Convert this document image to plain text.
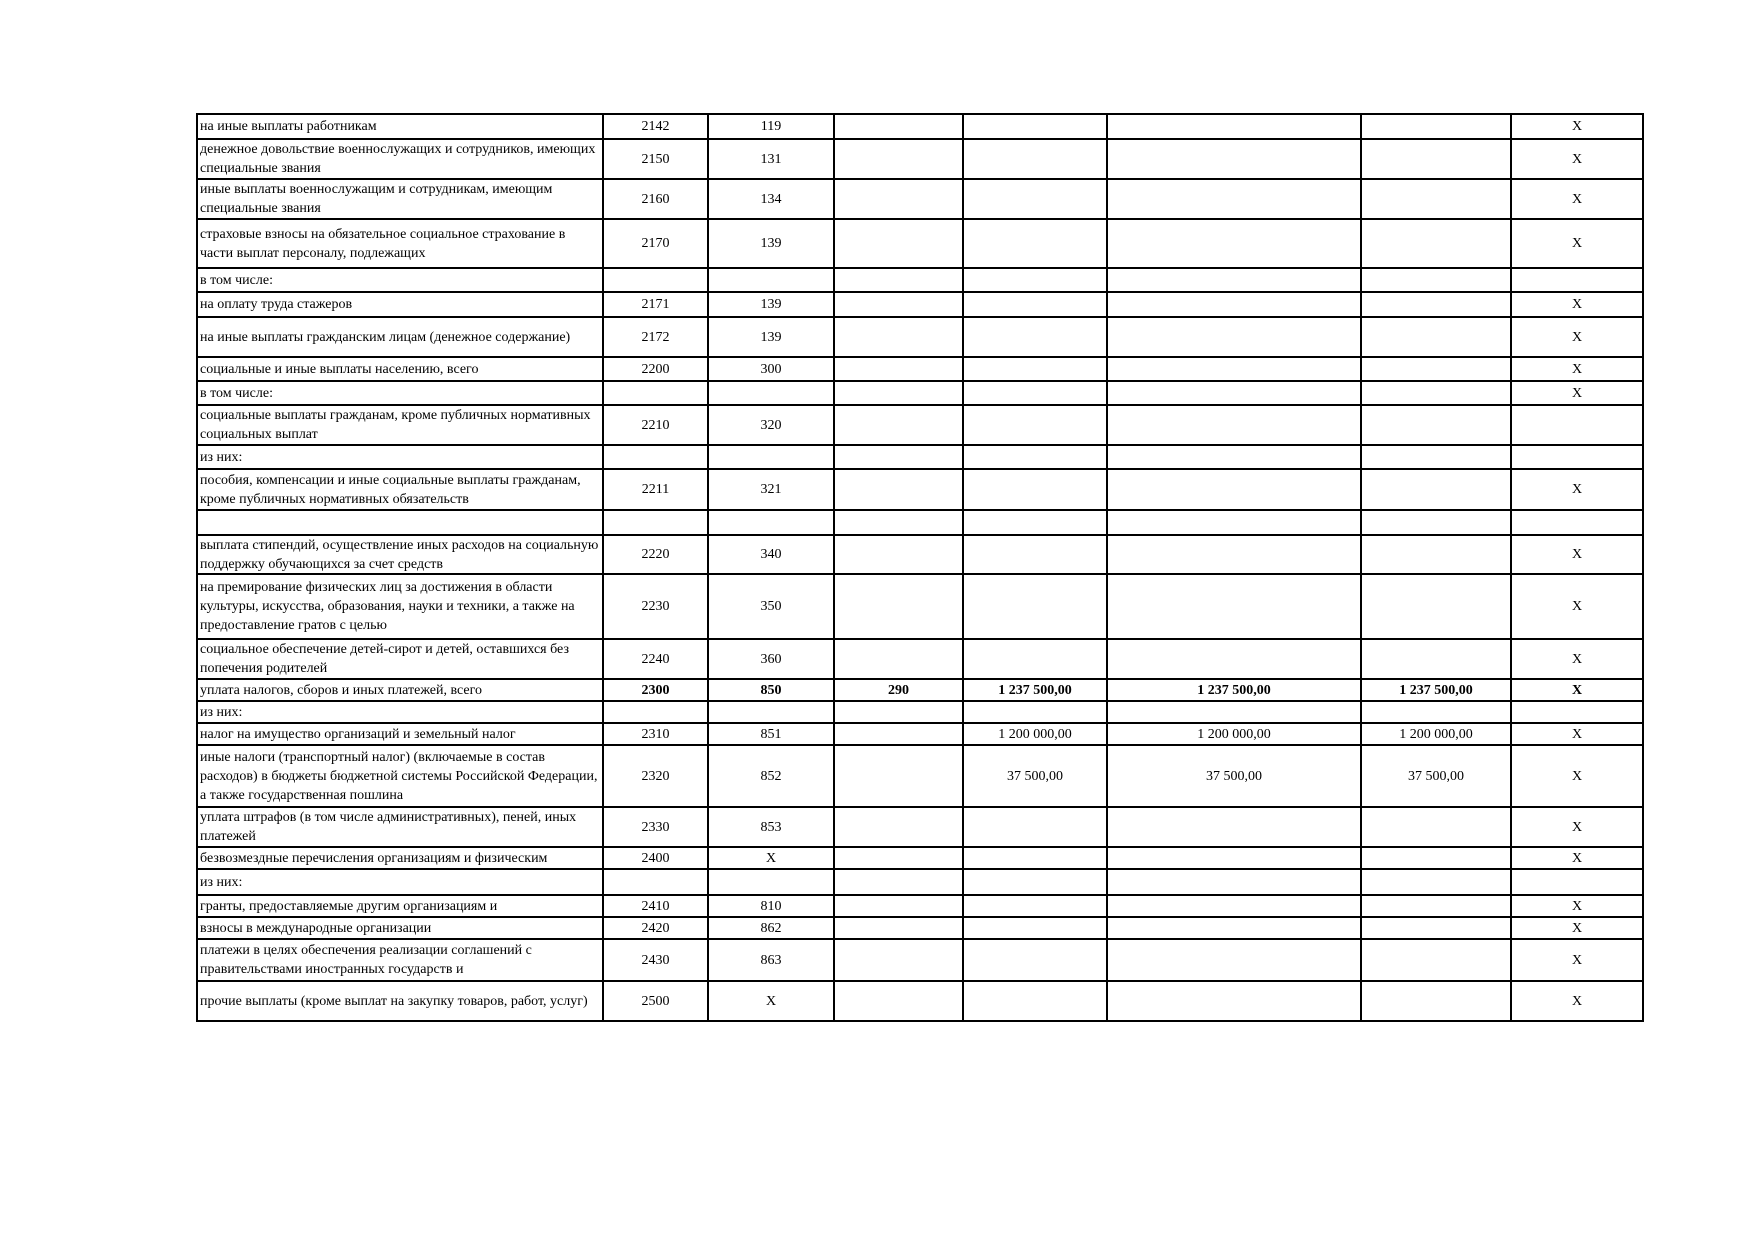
на иные выплаты работникам	2142	119					X

денежное довольствие военнослужащих и сотрудников, имеющих специальные звания	2150	131					X

иные выплаты военнослужащим и сотрудникам, имеющим специальные звания	2160	134					X

страховые взносы на обязательное социальное страхование в части выплат персоналу, подлежащих	2170	139					X

в том числе:							

на оплату труда стажеров	2171	139					X

на иные выплаты гражданским лицам (денежное содержание)	2172	139					X

социальные и иные выплаты населению, всего	2200	300					X

в том числе:							X

социальные выплаты гражданам, кроме публичных нормативных социальных выплат	2210	320					

из них:							

пособия, компенсации и иные социальные выплаты гражданам, кроме публичных нормативных обязательств	2211	321					X

выплата стипендий, осуществление иных расходов на социальную поддержку обучающихся за счет средств	2220	340					X

на премирование физических лиц за достижения в области культуры, искусства, образования, науки и техники, а также на предоставление гратов с целью	2230	350					X

социальное обеспечение детей-сирот и детей, оставшихся без попечения родителей	2240	360					X

уплата налогов, сборов и иных платежей, всего	2300	850	290	1 237 500,00	1 237 500,00	1 237 500,00	X

из них:							

налог на имущество организаций и земельный налог	2310	851		1 200 000,00	1 200 000,00	1 200 000,00	X

иные налоги (транспортный налог) (включаемые в состав расходов) в бюджеты бюджетной системы Российской Федерации, а также государственная пошлина	2320	852		37 500,00	37 500,00	37 500,00	X

уплата штрафов (в том числе административных), пеней, иных платежей	2330	853					X

безвозмездные перечисления организациям и физическим	2400	X					X

из них:							

гранты, предоставляемые другим организациям и	2410	810					X

взносы в международные организации	2420	862					X

платежи в целях обеспечения реализации соглашений с правительствами иностранных государств и	2430	863					X

прочие выплаты (кроме выплат на закупку товаров, работ, услуг)	2500	X					X
